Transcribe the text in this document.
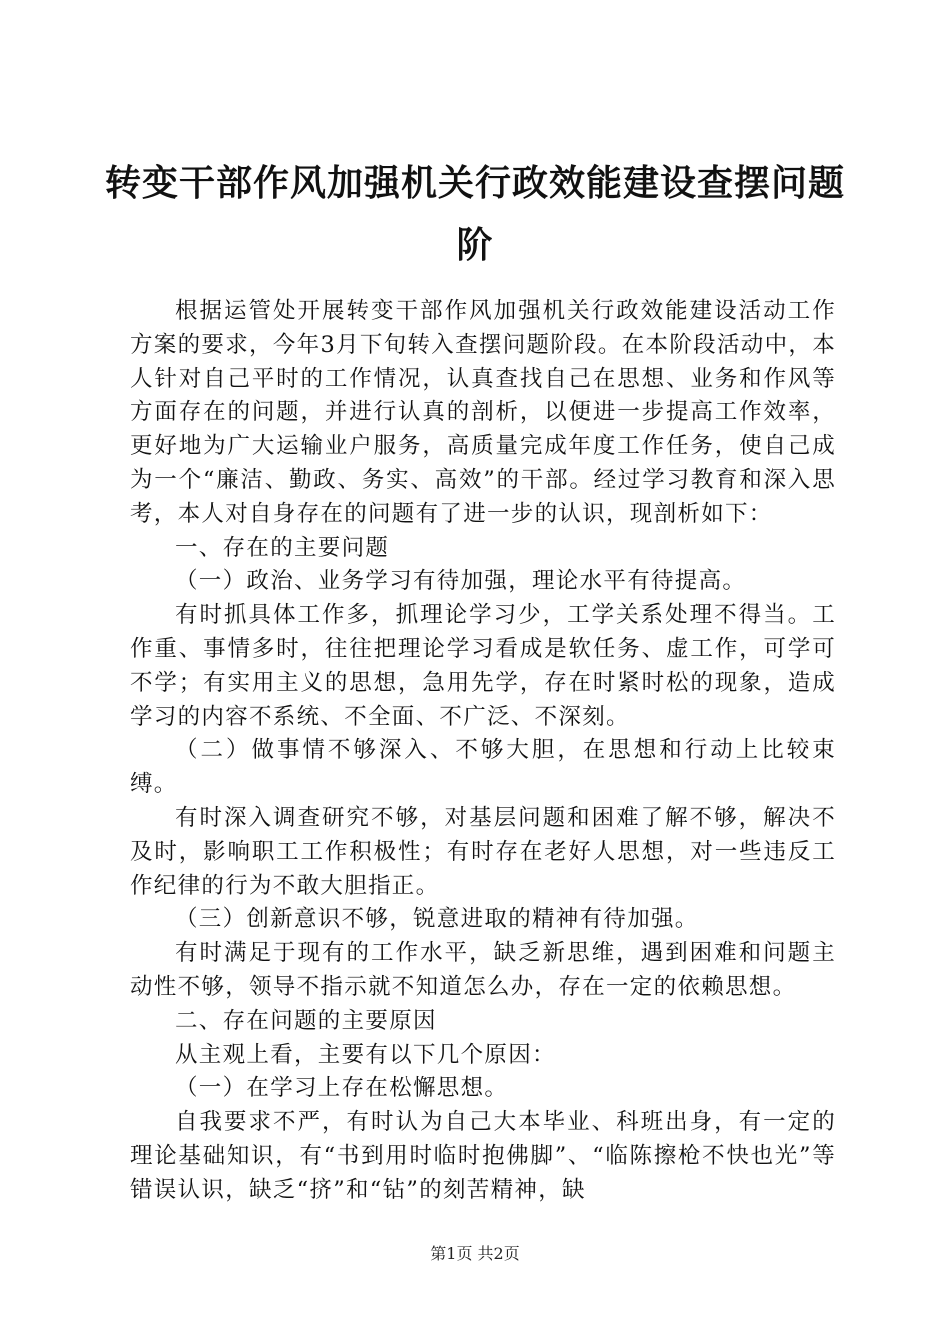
转变干部作风加强机关行政效能建设查摆问题
阶

根据运管处开展转变干部作风加强机关行政效能建设活动工作方案的要求，今年3月下旬转入查摆问题阶段。在本阶段活动中，本人针对自己平时的工作情况，认真查找自己在思想、业务和作风等方面存在的问题，并进行认真的剖析，以便进一步提高工作效率，更好地为广大运输业户服务，高质量完成年度工作任务，使自己成为一个“廉洁、勤政、务实、高效”的干部。经过学习教育和深入思考，本人对自身存在的问题有了进一步的认识，现剖析如下：

一、存在的主要问题

（一）政治、业务学习有待加强，理论水平有待提高。

有时抓具体工作多，抓理论学习少，工学关系处理不得当。工作重、事情多时，往往把理论学习看成是软任务、虚工作，可学可不学；有实用主义的思想，急用先学，存在时紧时松的现象，造成学习的内容不系统、不全面、不广泛、不深刻。

（二）做事情不够深入、不够大胆，在思想和行动上比较束缚。

有时深入调查研究不够，对基层问题和困难了解不够，解决不及时，影响职工工作积极性；有时存在老好人思想，对一些违反工作纪律的行为不敢大胆指正。

（三）创新意识不够，锐意进取的精神有待加强。

有时满足于现有的工作水平，缺乏新思维，遇到困难和问题主动性不够，领导不指示就不知道怎么办，存在一定的依赖思想。

二、存在问题的主要原因

从主观上看，主要有以下几个原因：

（一）在学习上存在松懈思想。

自我要求不严，有时认为自己大本毕业、科班出身，有一定的理论基础知识，有“书到用时临时抱佛脚”、“临陈擦枪不快也光”等错误认识，缺乏“挤”和“钻”的刻苦精神，缺

第1页 共2页
